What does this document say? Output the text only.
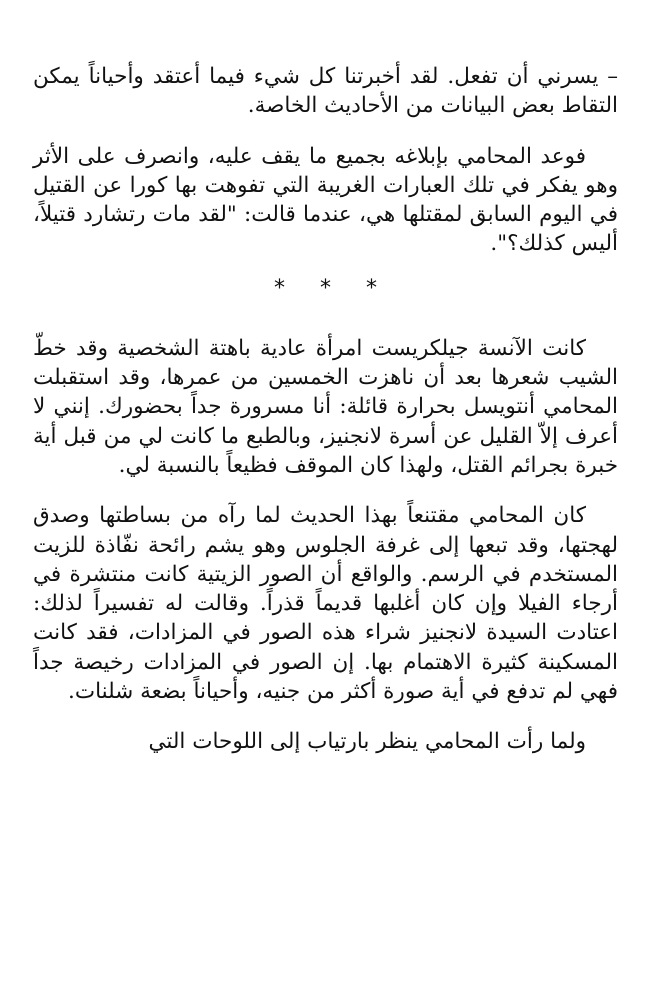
– يسرني أن تفعل. لقد أخبرتنا كل شيء فيما أعتقد وأحياناً يمكن التقاط بعض البيانات من الأحاديث الخاصة.

فوعد المحامي بإبلاغه بجميع ما يقف عليه، وانصرف على الأثر وهو يفكر في تلك العبارات الغريبة التي تفوهت بها كورا عن القتيل في اليوم السابق لمقتلها هي، عندما قالت: "لقد مات رتشارد قتيلاً، أليس كذلك؟".

* * *

كانت الآنسة جيلكريست امرأة عادية باهتة الشخصية وقد خطّ الشيب شعرها بعد أن ناهزت الخمسين من عمرها، وقد استقبلت المحامي أنتويسل بحرارة قائلة: أنا مسرورة جداً بحضورك. إنني لا أعرف إلاّ القليل عن أسرة لانجنيز، وبالطبع ما كانت لي من قبل أية خبرة بجرائم القتل، ولهذا كان الموقف فظيعاً بالنسبة لي.

كان المحامي مقتنعاً بهذا الحديث لما رآه من بساطتها وصدق لهجتها، وقد تبعها إلى غرفة الجلوس وهو يشم رائحة نفّاذة للزيت المستخدم في الرسم. والواقع أن الصور الزيتية كانت منتشرة في أرجاء الفيلا وإن كان أغلبها قديماً قذراً. وقالت له تفسيراً لذلك: اعتادت السيدة لانجنيز شراء هذه الصور في المزادات، فقد كانت المسكينة كثيرة الاهتمام بها. إن الصور في المزادات رخيصة جداً فهي لم تدفع في أية صورة أكثر من جنيه، وأحياناً بضعة شلنات.

ولما رأت المحامي ينظر بارتياب إلى اللوحات التي
